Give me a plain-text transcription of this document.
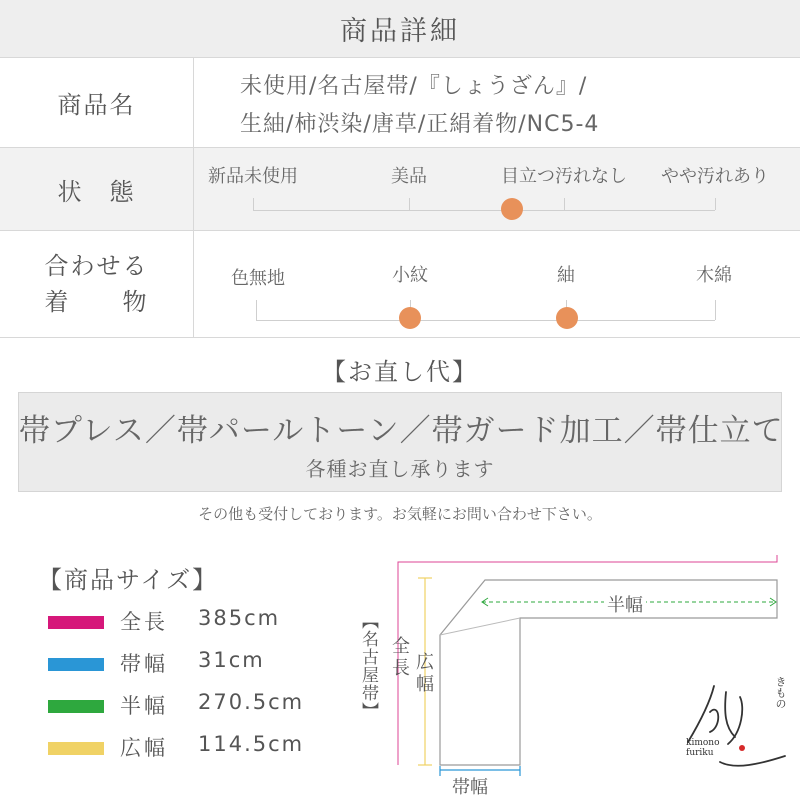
商品詳細
商品名
未使用/名古屋帯/『しょうざん』/
生紬/柿渋染/唐草/正絹着物/NC5-4
状　態
新品未使用	美品	目立つ汚れなし やや汚れあり
合わせる
着　　物
色無地	小紋	紬	木綿
【お直し代】
帯プレス／帯パールトーン／帯ガード加工／帯仕立て
各種お直し承ります
その他も受付しております。お気軽にお問い合わせ下さい。
【商品サイズ】
全長 385cm
帯幅 31cm
半幅 270.5cm
広幅 114.5cm
【名古屋帯】 全長 広幅
半幅
帯幅
きもの
kimono
furiku
